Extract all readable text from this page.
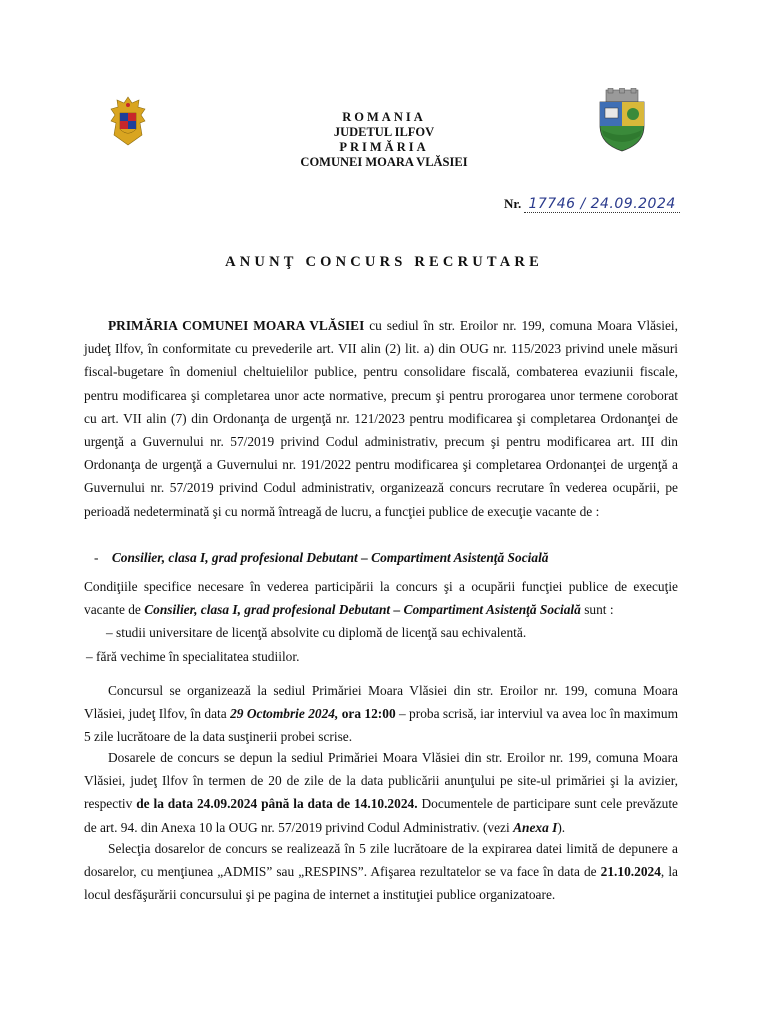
ROMANIA
JUDETUL ILFOV
PRIMĂRIA
COMUNEI MOARA VLĂSIEI
Nr. 17746 / 24.09.2024
ANUNŢ CONCURS RECRUTARE

PRIMĂRIA COMUNEI MOARA VLĂSIEI cu sediul în str. Eroilor nr. 199, comuna Moara Vlăsiei, judeţ Ilfov, în conformitate cu prevederile art. VII alin (2) lit. a) din OUG nr. 115/2023 privind unele măsuri fiscal-bugetare în domeniul cheltuielilor publice, pentru consolidare fiscală, combaterea evaziunii fiscale, pentru modificarea şi completarea unor acte normative, precum şi pentru prorogarea unor termene coroborat cu art. VII alin (7) din Ordonanţa de urgenţă nr. 121/2023 pentru modificarea şi completarea Ordonanţei de urgenţă a Guvernului nr. 57/2019 privind Codul administrativ, precum şi pentru modificarea art. III din Ordonanţa de urgenţă a Guvernului nr. 191/2022 pentru modificarea şi completarea Ordonanţei de urgenţă a Guvernului nr. 57/2019 privind Codul administrativ, organizează concurs recrutare în vederea ocupării, pe perioadă nedeterminată şi cu normă întreagă de lucru, a funcţiei publice de execuţie vacante de :

- Consilier, clasa I, grad profesional Debutant – Compartiment Asistenţă Socială

Condiţiile specifice necesare în vederea participării la concurs şi a ocupării funcţiei publice de execuţie vacante de Consilier, clasa I, grad profesional Debutant – Compartiment Asistenţă Socială sunt :

– studii universitare de licenţă absolvite cu diplomă de licenţă sau echivalentă.
– fără vechime în specialitatea studiilor.

Concursul se organizează la sediul Primăriei Moara Vlăsiei din str. Eroilor nr. 199, comuna Moara Vlăsiei, judeţ Ilfov, în data 29 Octombrie 2024, ora 12:00 – proba scrisă, iar interviul va avea loc în maximum 5 zile lucrătoare de la data susţinerii probei scrise.

Dosarele de concurs se depun la sediul Primăriei Moara Vlăsiei din str. Eroilor nr. 199, comuna Moara Vlăsiei, judeţ Ilfov în termen de 20 de zile de la data publicării anunţului pe site-ul primăriei şi la avizier, respectiv de la data 24.09.2024 până la data de 14.10.2024. Documentele de participare sunt cele prevăzute de art. 94. din Anexa 10 la OUG nr. 57/2019 privind Codul Administrativ. (vezi Anexa I).

Selecţia dosarelor de concurs se realizează în 5 zile lucrătoare de la expirarea datei limită de depunere a dosarelor, cu menţiunea „ADMIS” sau „RESPINS”. Afişarea rezultatelor se va face în data de 21.10.2024, la locul desfăşurării concursului şi pe pagina de internet a instituţiei publice organizatoare.
